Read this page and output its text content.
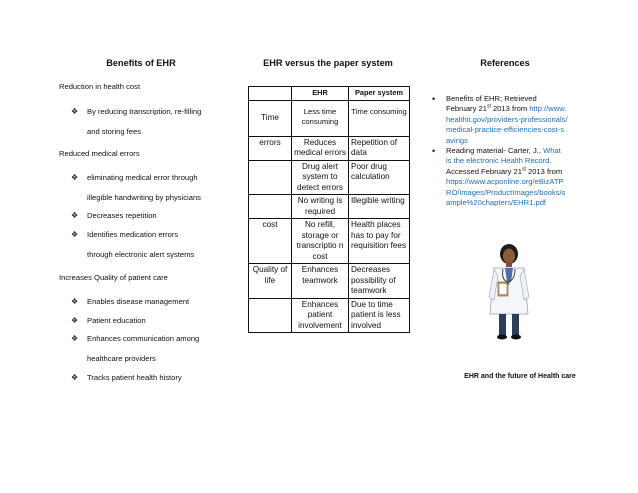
Benefits of EHR	EHR versus the paper system	References
Reduction in health cost
❖ By reducing transcription, re-filling
and storing fees
Reduced medical errors
❖ eliminating medical error through
illegible handwriting by physicians
❖ Decreases repetition
❖ Identifies medication errors
through electronic alert systems
Increases Quality of patient care
❖ Enables disease management
❖ Patient education
❖ Enhances communication among
healthcare providers
❖ Tracks patient health history
	EHR	Paper system
Time	Less time consuming	Time consuming
errors	Reduces medical errors	Repetition of data
	Drug alert system to detect errors	Poor drug calculation
	No writing is required	Illegible writing
cost	No refill, storage or transcriptio n cost	Health places has to pay for requisition fees
Quality of life	Enhances teamwork	Decreases possibility of teamwork
	Enhances patient involvement	Due to time patient is less involved
• Benefits of EHR; Retrieved February 21st 2013 from http://www.healthit.gov/providers-professionals/medical-practice-efficiencies-cost-savings
• Reading material- Carter, J., What is the electronic Health Record. Accessed February 21st 2013 from https://www.acponline.org/eBizATPRO/images/ProductImages/books/sample%20chapters/EHR1.pdf
EHR and the future of Health care
